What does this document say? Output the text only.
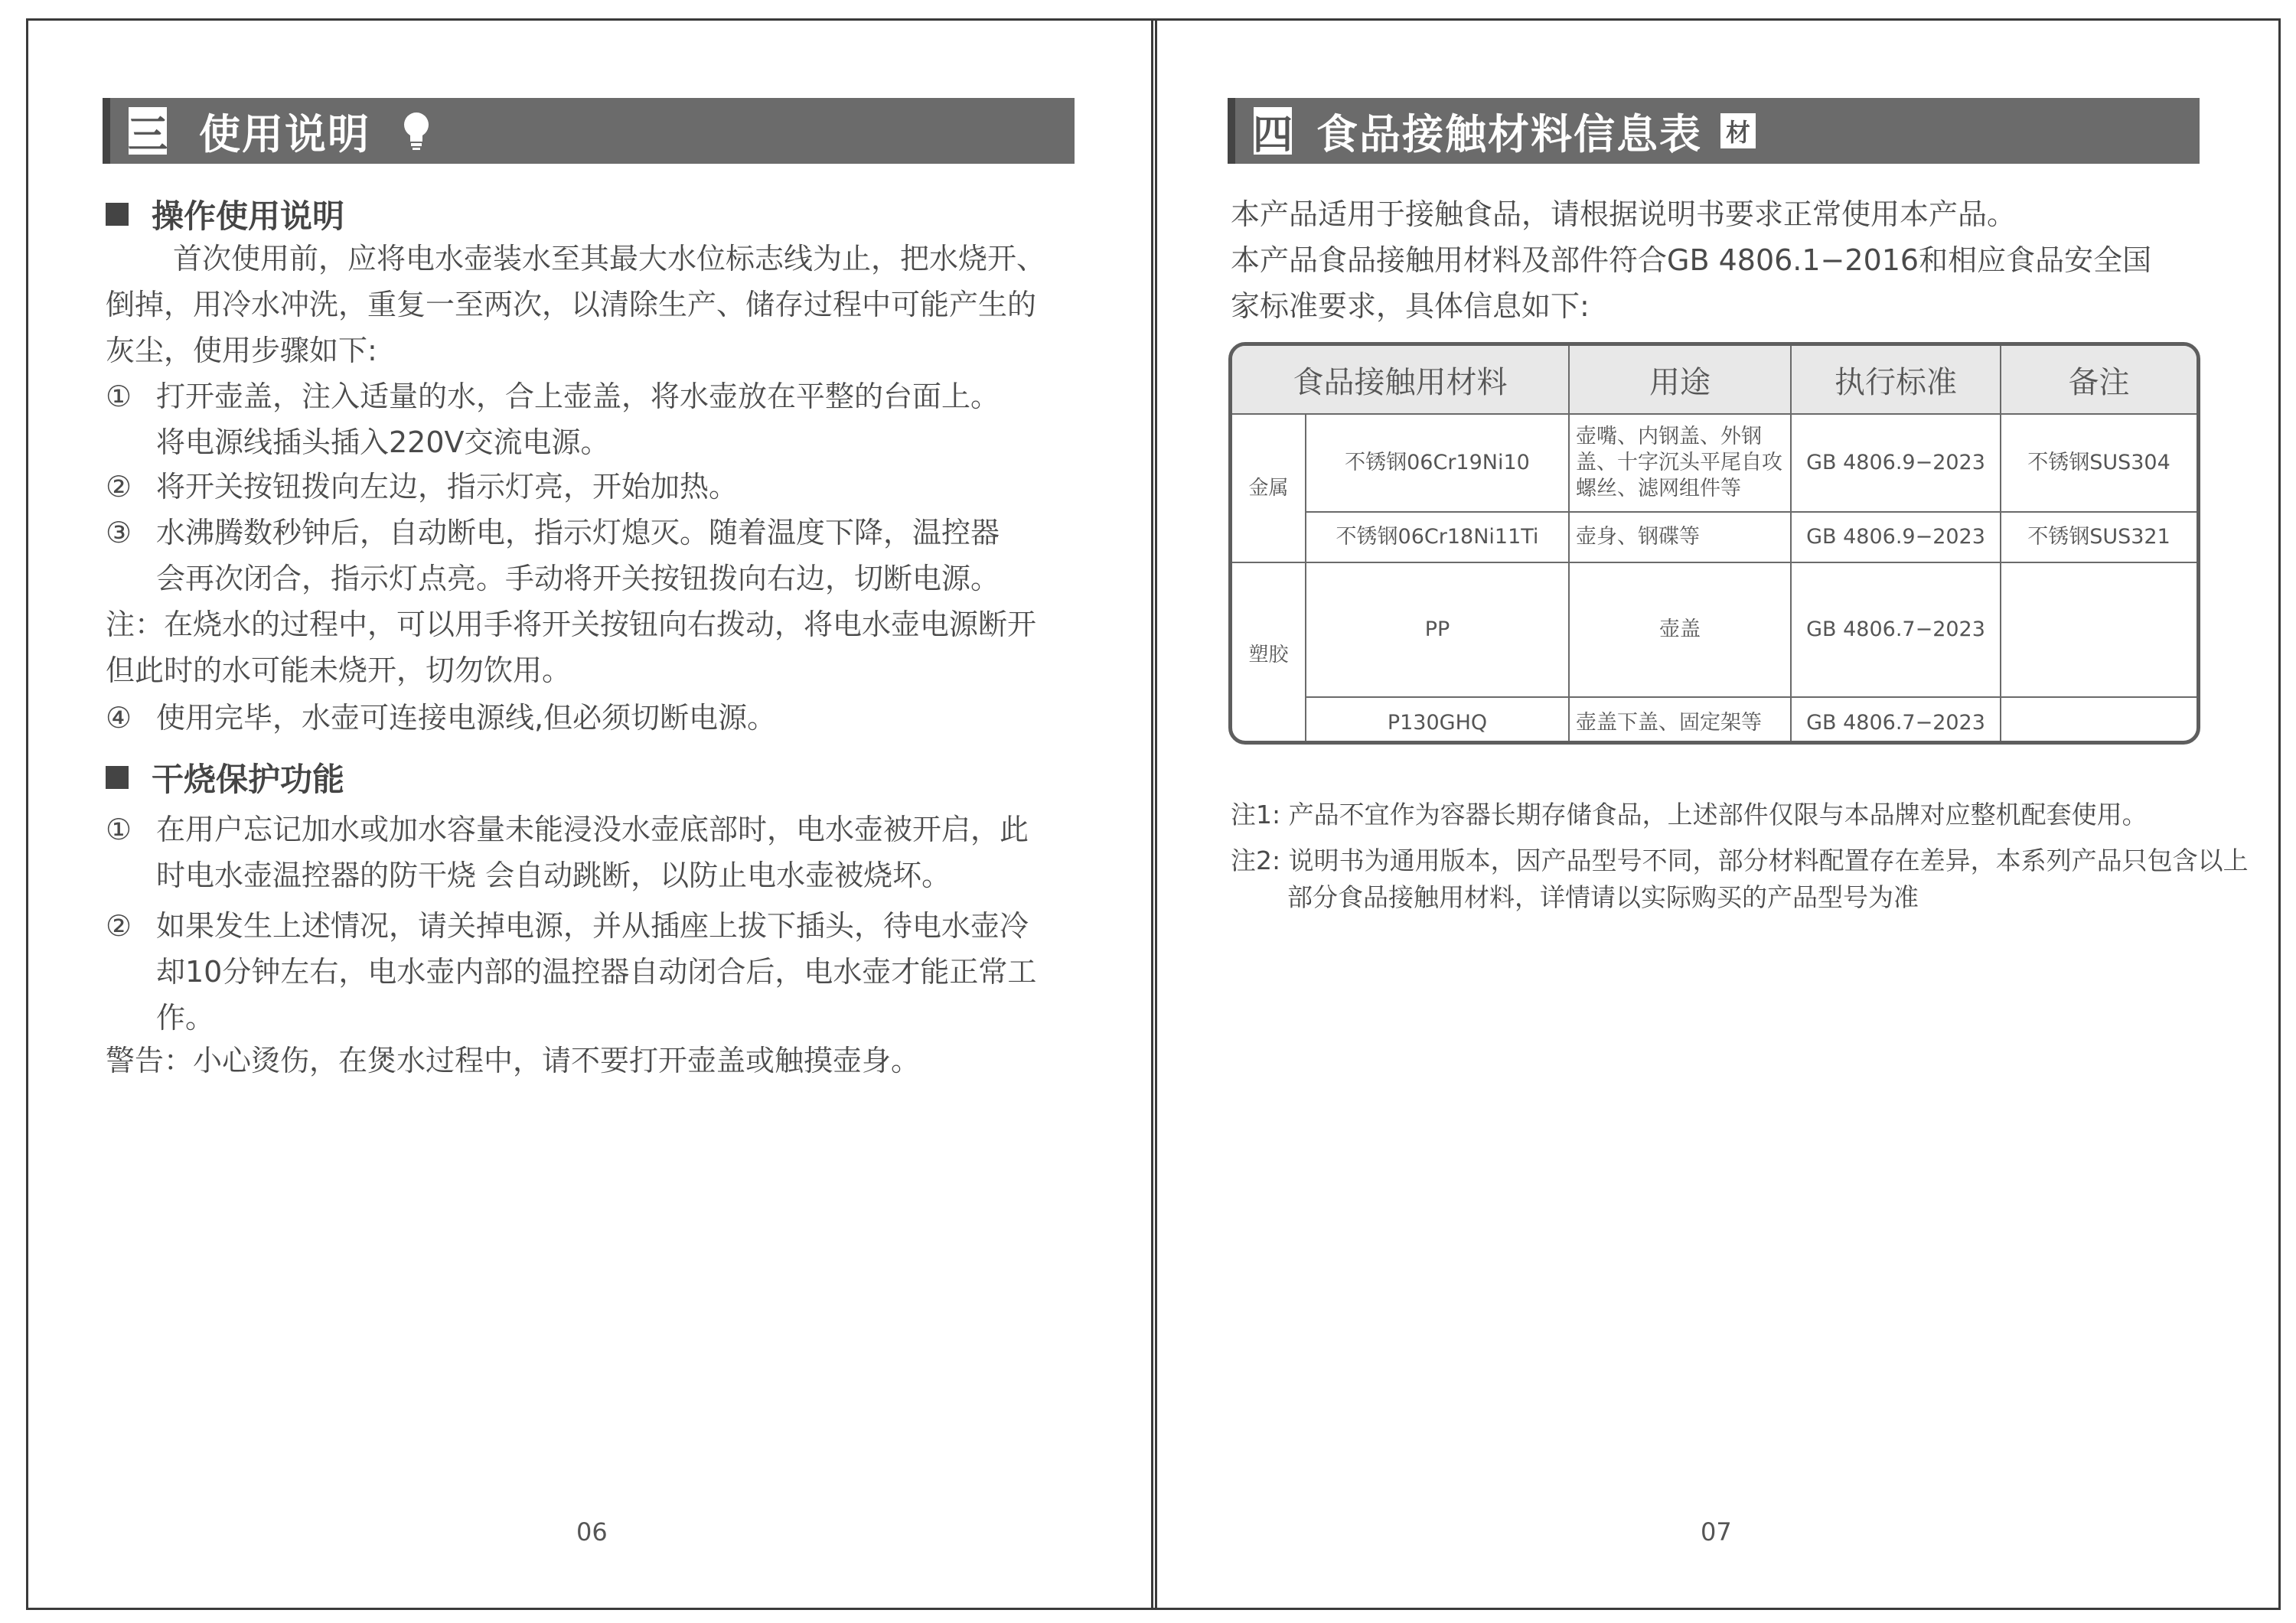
三 使用说明
操作使用说明

首次使用前，应将电水壶装水至其最大水位标志线为止，把水烧开、

倒掉，用冷水冲洗，重复一至两次，以清除生产、储存过程中可能产生的

灰尘，使用步骤如下:

① 打开壶盖，注入适量的水，合上壶盖，将水壶放在平整的台面上。
将电源线插头插入220V交流电源。
② 将开关按钮拨向左边，指示灯亮，开始加热。
③ 水沸腾数秒钟后，自动断电，指示灯熄灭。随着温度下降，温控器
会再次闭合，指示灯点亮。手动将开关按钮拨向右边，切断电源。
注：在烧水的过程中，可以用手将开关按钮向右拨动，将电水壶电源断开
但此时的水可能未烧开，切勿饮用。
④ 使用完毕，水壶可连接电源线,但必须切断电源。
干烧保护功能
① 在用户忘记加水或加水容量未能浸没水壶底部时，电水壶被开启，此
时电水壶温控器的防干烧 会自动跳断，以防止电水壶被烧坏。
② 如果发生上述情况，请关掉电源，并从插座上拔下插头，待电水壶冷
却10分钟左右，电水壶内部的温控器自动闭合后，电水壶才能正常工
作。
警告：小心烫伤，在煲水过程中，请不要打开壶盖或触摸壶身。
06
四 食品接触材料信息表 材

本产品适用于接触食品，请根据说明书要求正常使用本产品。

本产品食品接触用材料及部件符合GB 4806.1−2016和相应食品安全国

家标准要求，具体信息如下:

食品接触用材料		用途	执行标准	备注
金属	不锈钢06Cr19Ni10	壶嘴、内钢盖、外钢盖、十字沉头平尾自攻螺丝、滤网组件等	GB 4806.9−2023	不锈钢SUS304
	不锈钢06Cr18Ni11Ti	壶身、钢碟等	GB 4806.9−2023	不锈钢SUS321
塑胶	PP	壶盖	GB 4806.7−2023	
	P130GHQ	壶盖下盖、固定架等	GB 4806.7−2023	
注1: 产品不宜作为容器长期存储食品，上述部件仅限与本品牌对应整机配套使用。
注2: 说明书为通用版本，因产品型号不同，部分材料配置存在差异，本系列产品只包含以上
部分食品接触用材料，详情请以实际购买的产品型号为准
07
